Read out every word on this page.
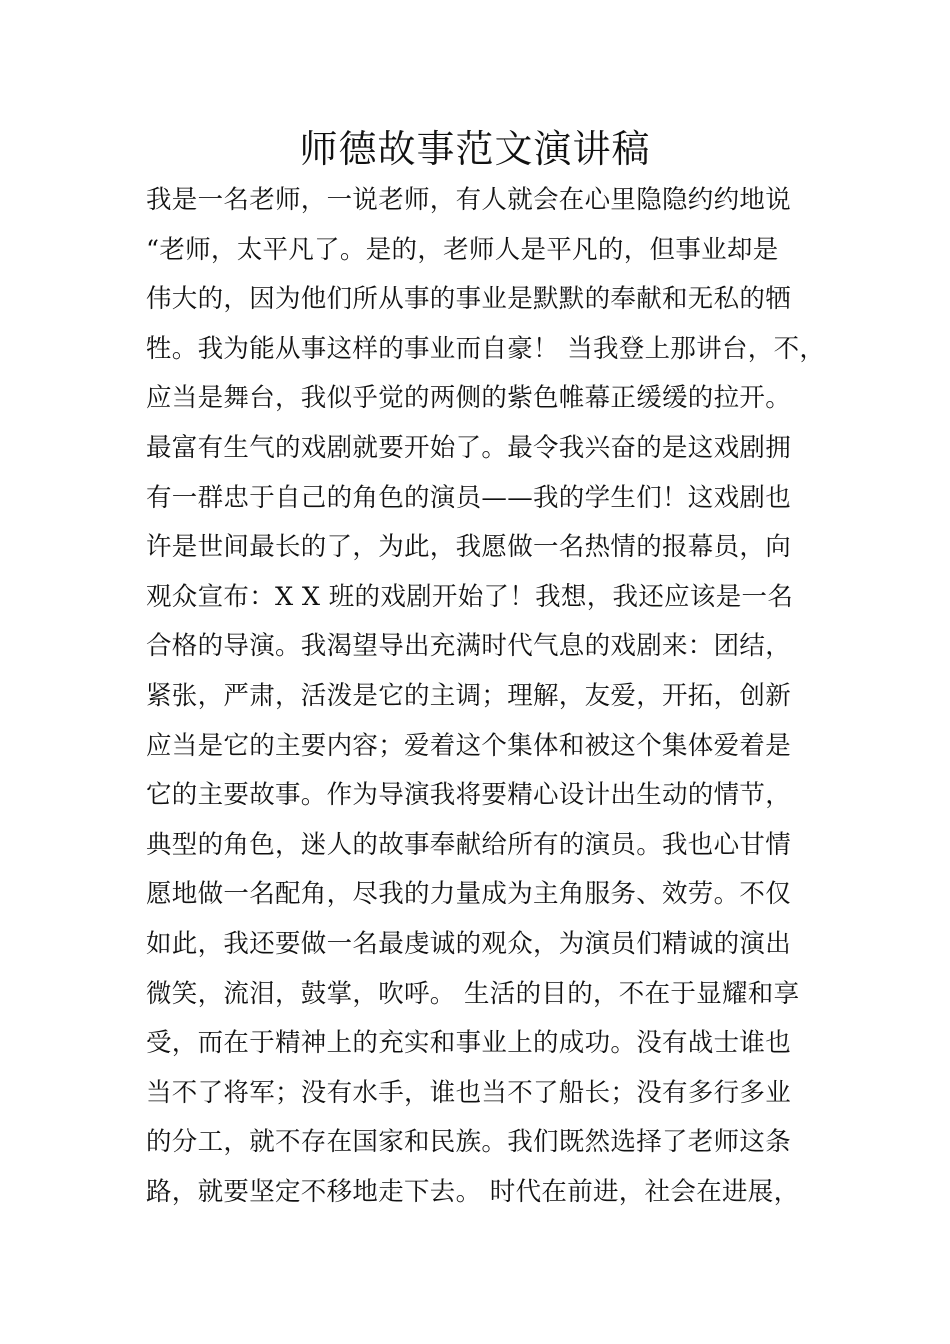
师德故事范文演讲稿
我是一名老师，一说老师，有人就会在心里隐隐约约地说
“老师，太平凡了。是的，老师人是平凡的，但事业却是
伟大的，因为他们所从事的事业是默默的奉献和无私的牺
牲。我为能从事这样的事业而自豪！ 当我登上那讲台，不，
应当是舞台，我似乎觉的两侧的紫色帷幕正缓缓的拉开。
最富有生气的戏剧就要开始了。最令我兴奋的是这戏剧拥
有一群忠于自己的角色的演员——我的学生们！这戏剧也
许是世间最长的了，为此，我愿做一名热情的报幕员，向
观众宣布：X X 班的戏剧开始了！我想，我还应该是一名
合格的导演。我渴望导出充满时代气息的戏剧来：团结，
紧张，严肃，活泼是它的主调；理解，友爱，开拓，创新
应当是它的主要内容；爱着这个集体和被这个集体爱着是
它的主要故事。作为导演我将要精心设计出生动的情节，
典型的角色，迷人的故事奉献给所有的演员。我也心甘情
愿地做一名配角，尽我的力量成为主角服务、效劳。不仅
如此，我还要做一名最虔诚的观众，为演员们精诚的演出
微笑，流泪，鼓掌，吹呼。 生活的目的，不在于显耀和享
受，而在于精神上的充实和事业上的成功。没有战士谁也
当不了将军；没有水手，谁也当不了船长；没有多行多业
的分工，就不存在国家和民族。我们既然选择了老师这条
路，就要坚定不移地走下去。 时代在前进，社会在进展，
